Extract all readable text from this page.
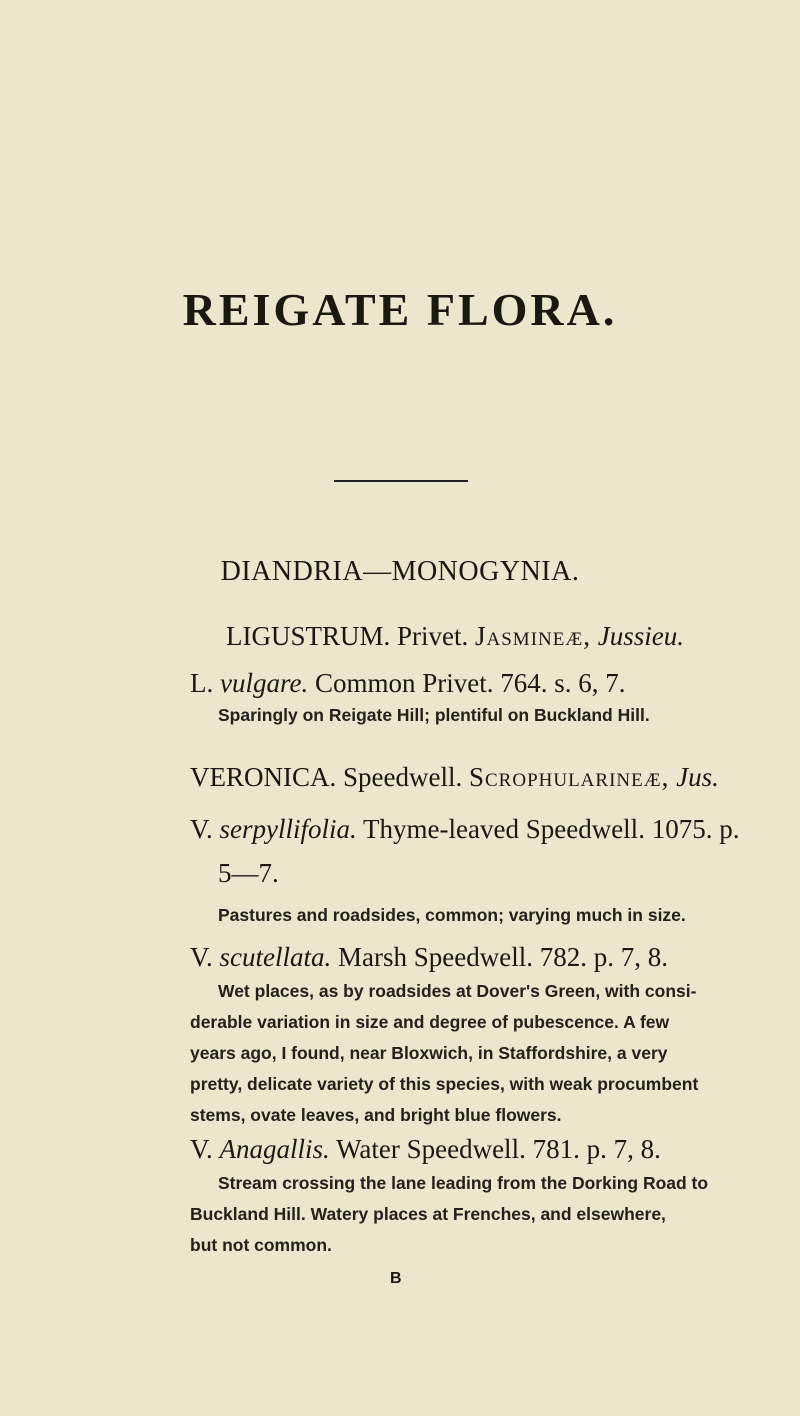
REIGATE FLORA.
DIANDRIA—MONOGYNIA.
LIGUSTRUM. Privet. Jasmineæ, Jussieu.
L. vulgare. Common Privet. 764. s. 6, 7.

Sparingly on Reigate Hill; plentiful on Buckland Hill.

VERONICA. Speedwell. Scrophularineæ, Jus.
V. serpyllifolia. Thyme-leaved Speedwell. 1075. p.
5—7.

Pastures and roadsides, common; varying much in size.

V. scutellata. Marsh Speedwell. 782. p. 7, 8.

Wet places, as by roadsides at Dover's Green, with consi-

derable variation in size and degree of pubescence. A few

years ago, I found, near Bloxwich, in Staffordshire, a very

pretty, delicate variety of this species, with weak procumbent

stems, ovate leaves, and bright blue flowers.

V. Anagallis. Water Speedwell. 781. p. 7, 8.

Stream crossing the lane leading from the Dorking Road to

Buckland Hill. Watery places at Frenches, and elsewhere,

but not common.

B
